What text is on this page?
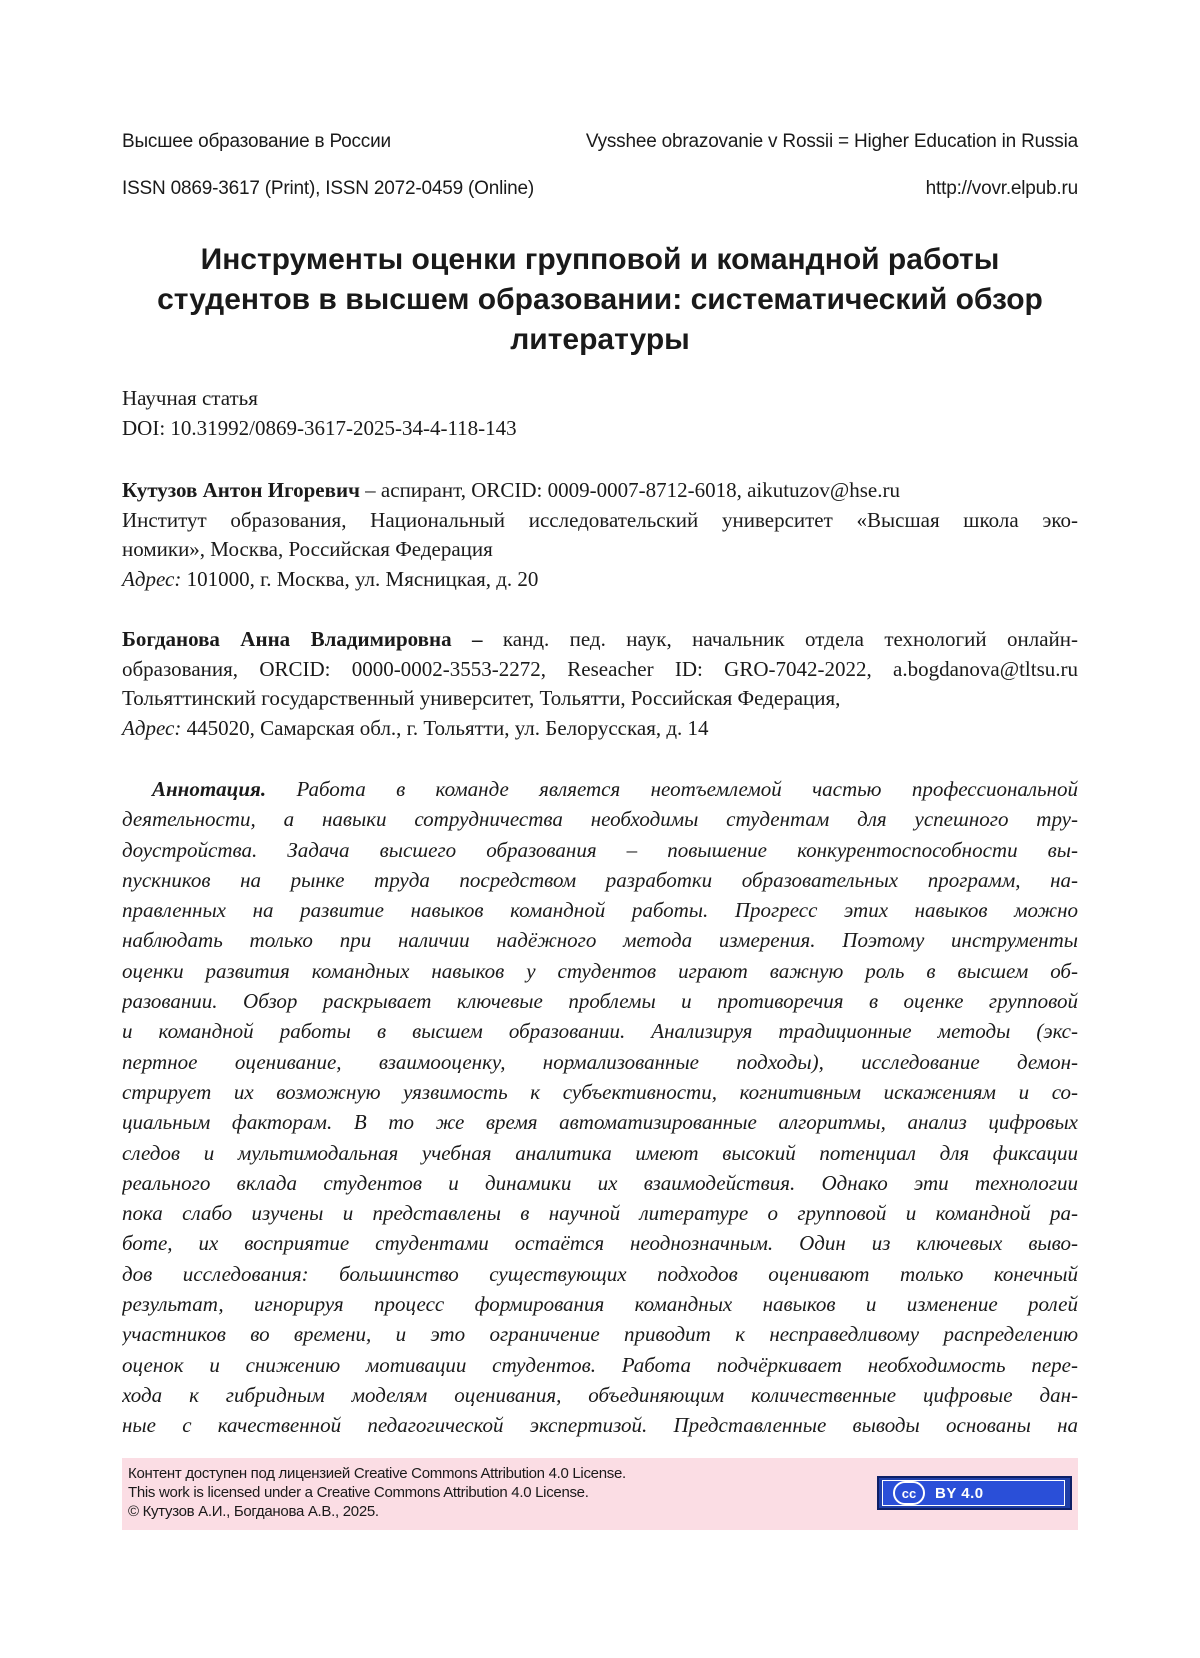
Высшее образование в России	Vysshee obrazovanie v Rossii = Higher Education in Russia
ISSN 0869-3617 (Print), ISSN 2072-0459 (Online)	http://vovr.elpub.ru
Инструменты оценки групповой и командной работы
студентов в высшем образовании: систематический обзор
литературы
Научная статья
DOI: 10.31992/0869-3617-2025-34-4-118-143
Кутузов Антон Игоревич – аспирант, ORCID: 0009-0007-8712-6018, aikutuzov@hse.ru
Институт образования, Национальный исследовательский университет «Высшая школа эко-
номики», Москва, Российская Федерация
Адрес: 101000, г. Москва, ул. Мясницкая, д. 20
Богданова Анна Владимировна – канд. пед. наук, начальник отдела технологий онлайн-
образования, ORCID: 0000-0002-3553-2272, Reseacher ID: GRO-7042-2022, a.bogdanova@tltsu.ru
Тольяттинский государственный университет, Тольятти, Российская Федерация,
Адрес: 445020, Самарская обл., г. Тольятти, ул. Белорусская, д. 14
Аннотация. Работа в команде является неотъемлемой частью профессиональной
деятельности, а навыки сотрудничества необходимы студентам для успешного тру-
доустройства. Задача высшего образования – повышение конкурентоспособности вы-
пускников на рынке труда посредством разработки образовательных программ, на-
правленных на развитие навыков командной работы. Прогресс этих навыков можно
наблюдать только при наличии надёжного метода измерения. Поэтому инструменты
оценки развития командных навыков у студентов играют важную роль в высшем об-
разовании. Обзор раскрывает ключевые проблемы и противоречия в оценке групповой
и командной работы в высшем образовании. Анализируя традиционные методы (экс-
пертное оценивание, взаимооценку, нормализованные подходы), исследование демон-
стрирует их возможную уязвимость к субъективности, когнитивным искажениям и со-
циальным факторам. В то же время автоматизированные алгоритмы, анализ цифровых
следов и мультимодальная учебная аналитика имеют высокий потенциал для фиксации
реального вклада студентов и динамики их взаимодействия. Однако эти технологии
пока слабо изучены и представлены в научной литературе о групповой и командной ра-
боте, их восприятие студентами остаётся неоднозначным. Один из ключевых выво-
дов исследования: большинство существующих подходов оценивают только конечный
результат, игнорируя процесс формирования командных навыков и изменение ролей
участников во времени, и это ограничение приводит к несправедливому распределению
оценок и снижению мотивации студентов. Работа подчёркивает необходимость пере-
хода к гибридным моделям оценивания, объединяющим количественные цифровые дан-
ные с качественной педагогической экспертизой. Представленные выводы основаны на
Контент доступен под лицензией Creative Commons Attribution 4.0 License.
This work is licensed under a Creative Commons Attribution 4.0 License.
© Кутузов А.И., Богданова А.В., 2025.
cc	BY 4.0
